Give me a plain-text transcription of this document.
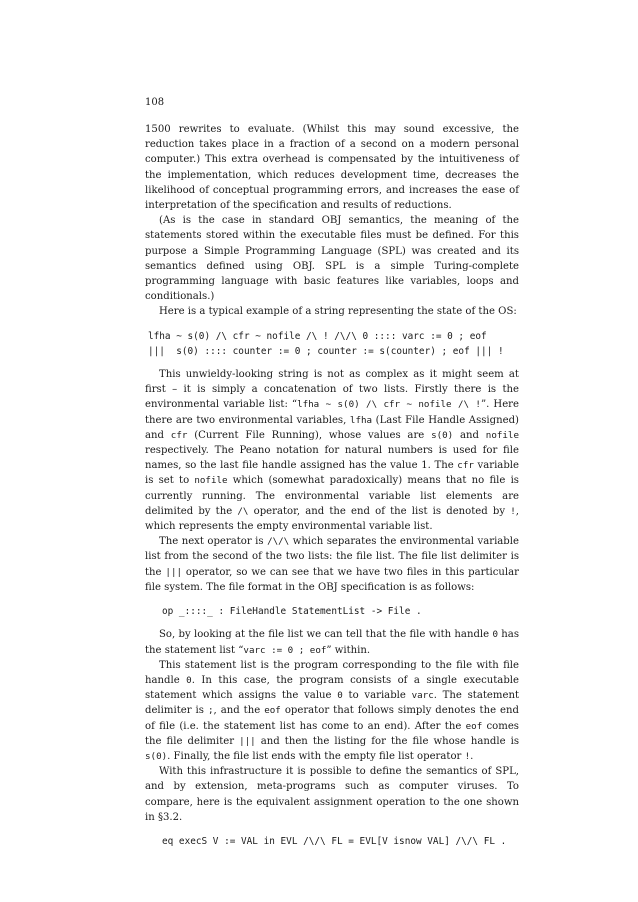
108

1500 rewrites to evaluate. (Whilst this may sound excessive, the reduction takes place in a fraction of a second on a modern personal computer.) This extra overhead is compensated by the intuitiveness of the implementation, which reduces development time, decreases the likelihood of conceptual programming errors, and increases the ease of interpretation of the specification and results of reductions.

(As is the case in standard OBJ semantics, the meaning of the statements stored within the executable files must be defined. For this purpose a Simple Programming Language (SPL) was created and its semantics defined using OBJ. SPL is a simple Turing-complete programming language with basic features like variables, loops and conditionals.)

Here is a typical example of a string representing the state of the OS:

lfha ~ s(0) /\ cfr ~ nofile /\ ! /\/\ 0 :::: varc := 0 ; eof
|||  s(0) :::: counter := 0 ; counter := s(counter) ; eof ||| !

This unwieldy-looking string is not as complex as it might seem at first – it is simply a concatenation of two lists. Firstly there is the environmental variable list: “lfha ~ s(0) /\ cfr ~ nofile /\ !”. Here there are two environmental variables, lfha (Last File Handle Assigned) and cfr (Current File Running), whose values are s(0) and nofile respectively. The Peano notation for natural numbers is used for file names, so the last file handle assigned has the value 1. The cfr variable is set to nofile which (somewhat paradoxically) means that no file is currently running. The environmental variable list elements are delimited by the /\ operator, and the end of the list is denoted by !, which represents the empty environmental variable list.

The next operator is /\/\ which separates the environmental variable list from the second of the two lists: the file list. The file list delimiter is the ||| operator, so we can see that we have two files in this particular file system. The file format in the OBJ specification is as follows:

op _::::_ : FileHandle StatementList -> File .

So, by looking at the file list we can tell that the file with handle 0 has the statement list “varc := 0 ; eof” within.

This statement list is the program corresponding to the file with file handle 0. In this case, the program consists of a single executable statement which assigns the value 0 to variable varc. The statement delimiter is ;, and the eof operator that follows simply denotes the end of file (i.e. the statement list has come to an end). After the eof comes the file delimiter ||| and then the listing for the file whose handle is s(0). Finally, the file list ends with the empty file list operator !.

With this infrastructure it is possible to define the semantics of SPL, and by extension, meta-programs such as computer viruses. To compare, here is the equivalent assignment operation to the one shown in §3.2.

eq execS V := VAL in EVL /\/\ FL = EVL[V isnow VAL] /\/\ FL .
